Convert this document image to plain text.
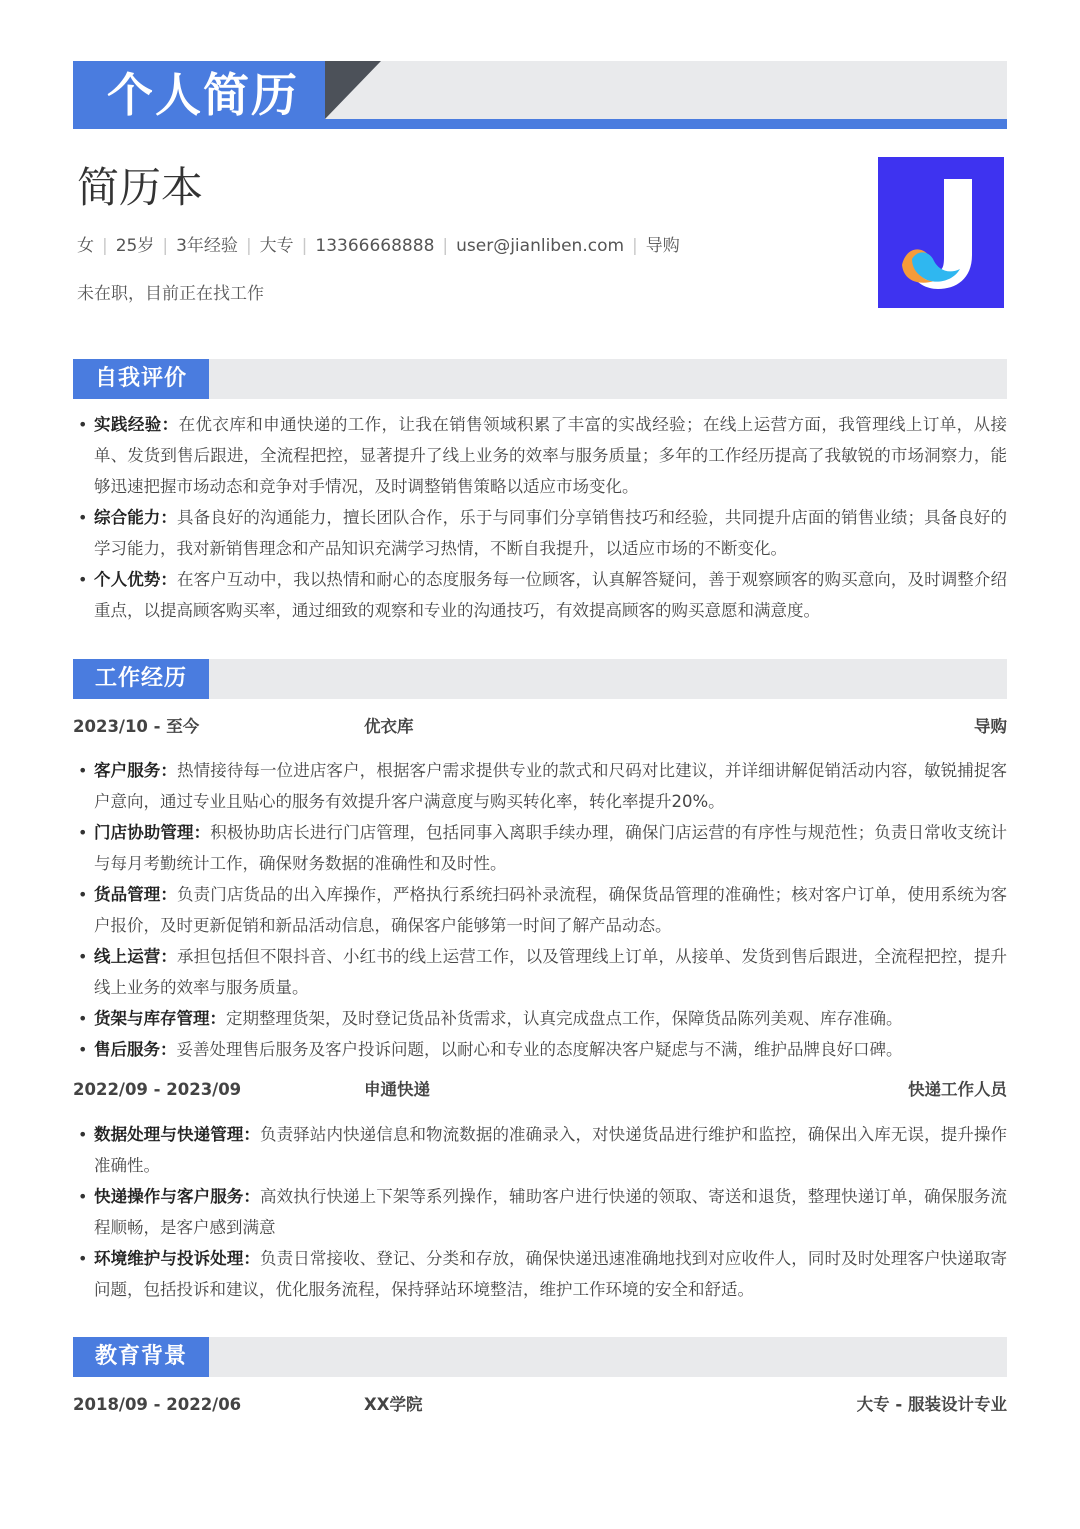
个人简历
简历本
女 | 25岁 | 3年经验 | 大专 | 13366668888 | user@jianliben.com | 导购
未在职，目前正在找工作
自我评价
• 实践经验：在优衣库和申通快递的工作，让我在销售领域积累了丰富的实战经验；在线上运营方面，我管理线上订单，从接单、发货到售后跟进，全流程把控，显著提升了线上业务的效率与服务质量；多年的工作经历提高了我敏锐的市场洞察力，能够迅速把握市场动态和竞争对手情况，及时调整销售策略以适应市场变化。
• 综合能力：具备良好的沟通能力，擅长团队合作，乐于与同事们分享销售技巧和经验，共同提升店面的销售业绩；具备良好的学习能力，我对新销售理念和产品知识充满学习热情，不断自我提升，以适应市场的不断变化。
• 个人优势：在客户互动中，我以热情和耐心的态度服务每一位顾客，认真解答疑问，善于观察顾客的购买意向，及时调整介绍重点，以提高顾客购买率，通过细致的观察和专业的沟通技巧，有效提高顾客的购买意愿和满意度。
工作经历
2023/10 - 至今	优衣库	导购
• 客户服务：热情接待每一位进店客户，根据客户需求提供专业的款式和尺码对比建议，并详细讲解促销活动内容，敏锐捕捉客户意向，通过专业且贴心的服务有效提升客户满意度与购买转化率，转化率提升20%。
• 门店协助管理：积极协助店长进行门店管理，包括同事入离职手续办理，确保门店运营的有序性与规范性；负责日常收支统计与每月考勤统计工作，确保财务数据的准确性和及时性。
• 货品管理：负责门店货品的出入库操作，严格执行系统扫码补录流程，确保货品管理的准确性；核对客户订单，使用系统为客户报价，及时更新促销和新品活动信息，确保客户能够第一时间了解产品动态。
• 线上运营：承担包括但不限抖音、小红书的线上运营工作，以及管理线上订单，从接单、发货到售后跟进，全流程把控，提升线上业务的效率与服务质量。
• 货架与库存管理：定期整理货架，及时登记货品补货需求，认真完成盘点工作，保障货品陈列美观、库存准确。
• 售后服务：妥善处理售后服务及客户投诉问题，以耐心和专业的态度解决客户疑虑与不满，维护品牌良好口碑。
2022/09 - 2023/09	申通快递	快递工作人员
• 数据处理与快递管理：负责驿站内快递信息和物流数据的准确录入，对快递货品进行维护和监控，确保出入库无误，提升操作准确性。
• 快递操作与客户服务：高效执行快递上下架等系列操作，辅助客户进行快递的领取、寄送和退货，整理快递订单，确保服务流程顺畅，是客户感到满意
• 环境维护与投诉处理：负责日常接收、登记、分类和存放，确保快递迅速准确地找到对应收件人，同时及时处理客户快递取寄问题，包括投诉和建议，优化服务流程，保持驿站环境整洁，维护工作环境的安全和舒适。
教育背景
2018/09 - 2022/06	XX学院	大专 - 服装设计专业
